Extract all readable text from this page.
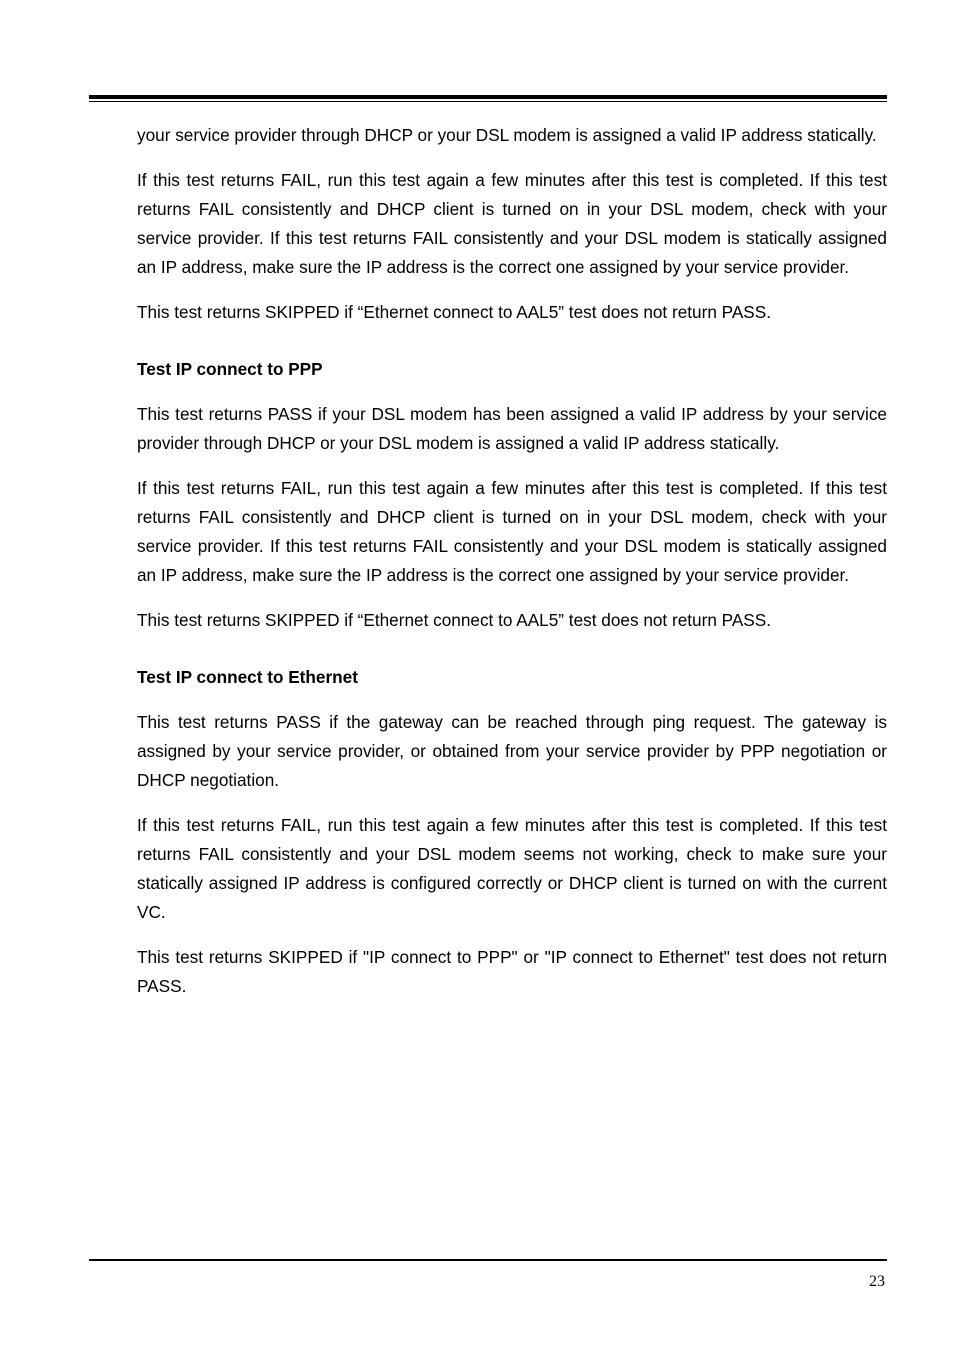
your service provider through DHCP or your DSL modem is assigned a valid IP address statically.

If this test returns FAIL, run this test again a few minutes after this test is completed. If this test returns FAIL consistently and DHCP client is turned on in your DSL modem, check with your service provider. If this test returns FAIL consistently and your DSL modem is statically assigned an IP address, make sure the IP address is the correct one assigned by your service provider.

This test returns SKIPPED if “Ethernet connect to AAL5” test does not return PASS.

Test IP connect to PPP

This test returns PASS if your DSL modem has been assigned a valid IP address by your service provider through DHCP or your DSL modem is assigned a valid IP address statically.

If this test returns FAIL, run this test again a few minutes after this test is completed. If this test returns FAIL consistently and DHCP client is turned on in your DSL modem, check with your service provider. If this test returns FAIL consistently and your DSL modem is statically assigned an IP address, make sure the IP address is the correct one assigned by your service provider.

This test returns SKIPPED if “Ethernet connect to AAL5” test does not return PASS.

Test IP connect to Ethernet

This test returns PASS if the gateway can be reached through ping request. The gateway is assigned by your service provider, or obtained from your service provider by PPP negotiation or DHCP negotiation.

If this test returns FAIL, run this test again a few minutes after this test is completed. If this test returns FAIL consistently and your DSL modem seems not working, check to make sure your statically assigned IP address is configured correctly or DHCP client is turned on with the current VC.

This test returns SKIPPED if "IP connect to PPP" or "IP connect to Ethernet" test does not return PASS.

23
